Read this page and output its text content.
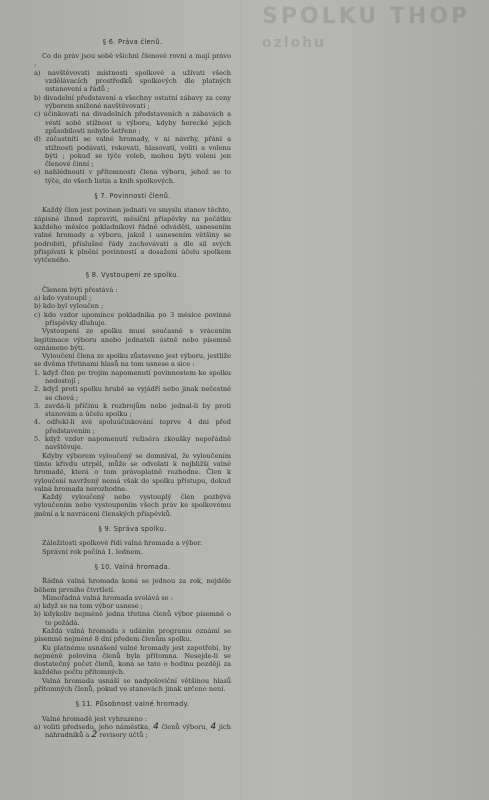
SPOLKU THOP
ozlohu
§ 6. Práva členů.

Co do práv jsou sobě všichni členové rovni a mají právo :

a) navštěvovati místnosti spolkové a užívati všech vzdělávacích prostředků spolkových dle platných ustanovení a řádů ;
b) divadelní představení a všechny ostatní zábavy za ceny výborem snížené navštěvovati ;
c) účinkovati na divadelních představeních a zábavách a vésti sobě stížnost u výboru, kdyby herecké jejich způsobilosti nebylo šetřeno ;
d) zúčastniti se valné hromady, v ní návrhy, přání a stížnosti podávati, rokovati, hlasovati, voliti a volenu býti ; pokud se týče voleb, mohou býti voleni jen členové činní ;
e) nahlédnouti v přítomnosti člena výboru, jehož se to týče, do všech listin a knih spolkových.
§ 7. Povinnosti členů.

Každý člen jest povinen jednati ve smyslu stanov těchto, zápisné ihned zapraviti, měsíční příspěvky na počátku každého měsíce pokladníkovi řádně odváděti, usnesením valné hromady a výboru, jakož i usnesením většiny se podrobiti, příslušné řády zachovávati a dle sil svých přispívati k plnění povinností a dosažení účelu spolkem vytčeného.

§ 8. Vystoupení ze spolku.

Členem býti přestává :

a) kdo vystoupil ;
b) kdo byl vyloučen ;
c) kdo vzdor upomínce pokladníka po 3 měsíce povinné příspěvky dluhuje.

Vystoupení ze spolku musí současně s vrácením legitimace výboru anebo jednateli ústně nebo písemně oznámeno býti.

Vyloučení člena ze spolku zůstaveno jest výboru, jestliže se dvěma třetinami hlasů na tom usnese a sice :

1. když člen po trojím napomenutí povinnostem ke spolku nedostojí ;
2. když proti spolku hrubě se vyjádří nebo jinak nečestně se chová ;
3. zavdá-li příčinu k rozbrojům nebo jednal-li by proti stanovám a účelu spolku ;
4. odřekl-li své spoluúčinkování teprve 4 dni před představením ;
5. když vzdor napomenutí režiséra zkoušky nepořádně navštěvuje.

Kdyby výborem vyloučený se domníval, že vyloučením tímto křivdu utrpěl, může se odvolati k nejbližší valné hromadě, která o tom právoplatně rozhodne. Člen k vyloučení navržený nemá však do spolku přístupu, dokud valná hromada nerozhodne.

Každý vyloučený nebo vystouplý člen pozbývá vyloučením nebo vystoupením všech práv ke spolkovému jmění a k navráceni členských příspěvků.

§ 9. Správa spolku.

Záležitosti spolkové řídí valná hromada a výbor.

Správní rok počíná 1. lednem.

§ 10. Valná hromada.

Řádná valná hromada koná se jednou za rok, nejdéle během prvního čtvrtletí.

Mimořádná valná hromada svolává se :

a) když se na tom výbor usnese ;
b) kdykoliv nejméně jedna třetina členů výbor písemně o to požádá.

Každá valná hromada s udáním programu oznámí se písemně nejméně 8 dní předem členům spolku.

Ku platnému usnášení valné hromady jest zapotřebí, by nejméně polovina členů byla přítomna. Nesejde-li se dostatečný počet členů, koná se tato o hodinu později za každého počtu přítomných.

Valná hromada usnáší se nadpoloviční většinou hlasů přítomných členů, pokud ve stanovách jinak určeno není.

§ 11. Působnost valné hromady.

Valné hromadě jest vyhrazeno :

a) voliti předsedu, jeho náměstka, 4 členů výboru, 4 jich náhradníků a 2 revisory účtů ;
